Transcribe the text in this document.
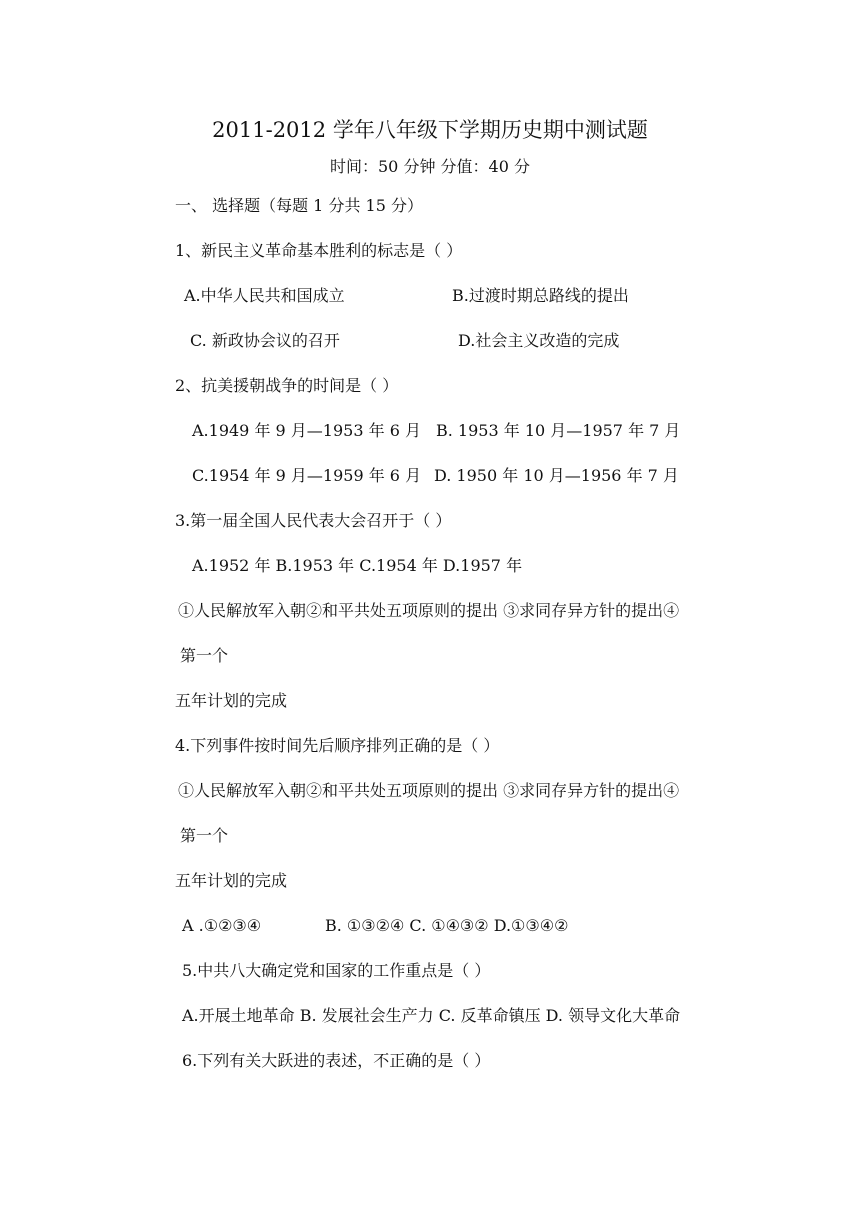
2011-2012 学年八年级下学期历史期中测试题
时间：50 分钟 分值：40 分
一、 选择题（每题 1 分共 15 分）
1、新民主义革命基本胜利的标志是（ ）
A.中华人民共和国成立	B.过渡时期总路线的提出
C. 新政协会议的召开	D.社会主义改造的完成
2、抗美援朝战争的时间是（ ）
A.1949 年 9 月—1953 年 6 月 B. 1953 年 10 月—1957 年 7 月
C.1954 年 9 月—1959 年 6 月 D. 1950 年 10 月—1956 年 7 月
3.第一届全国人民代表大会召开于（ ）
A.1952 年 B.1953 年 C.1954 年 D.1957 年
①人民解放军入朝②和平共处五项原则的提出 ③求同存异方针的提出④
第一个
五年计划的完成
4.下列事件按时间先后顺序排列正确的是（ ）
①人民解放军入朝②和平共处五项原则的提出 ③求同存异方针的提出④
第一个
五年计划的完成
A .①②③④	B. ①③②④ C. ①④③② D.①③④②
5.中共八大确定党和国家的工作重点是（ ）
A.开展土地革命 B. 发展社会生产力 C. 反革命镇压 D. 领导文化大革命
6.下列有关大跃进的表述，不正确的是（ ）
